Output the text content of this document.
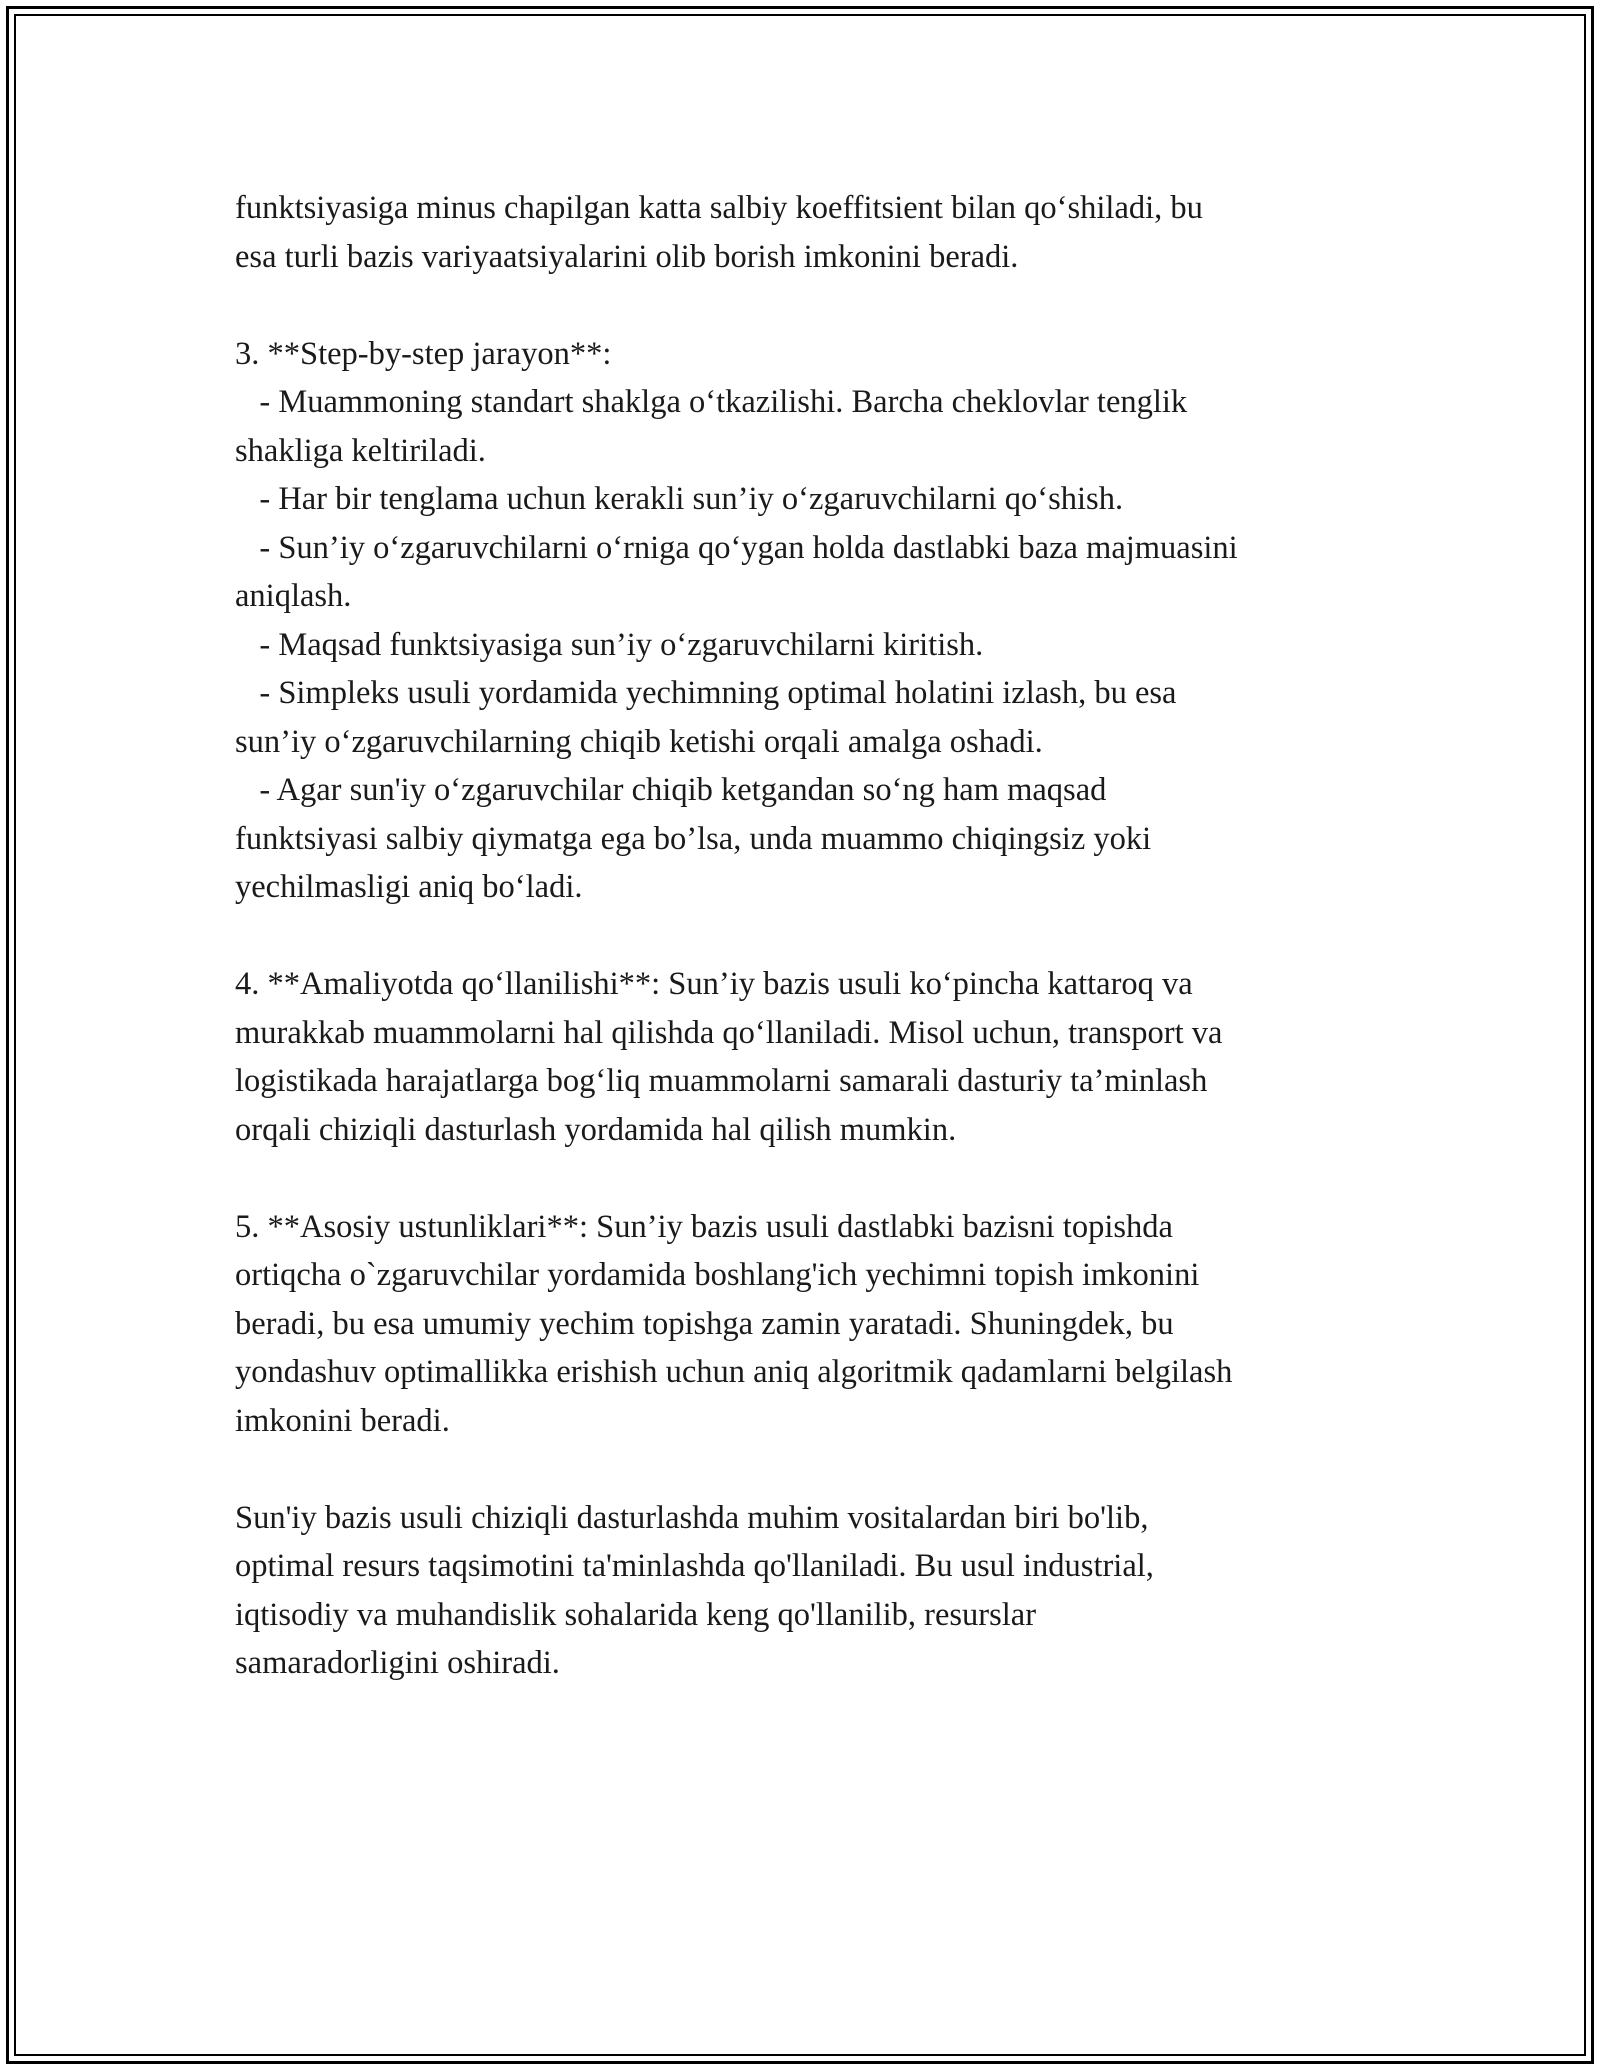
funktsiyasiga minus chapilgan katta salbiy koeffitsient bilan qo‘shiladi, bu
esa turli bazis variyaatsiyalarini olib borish imkonini beradi.

3. **Step-by-step jarayon**:
- Muammoning standart shaklga o‘tkazilishi. Barcha cheklovlar tenglik
shakliga keltiriladi.
- Har bir tenglama uchun kerakli sun’iy o‘zgaruvchilarni qo‘shish.
- Sun’iy o‘zgaruvchilarni o‘rniga qo‘ygan holda dastlabki baza majmuasini
aniqlash.
- Maqsad funktsiyasiga sun’iy o‘zgaruvchilarni kiritish.
- Simpleks usuli yordamida yechimning optimal holatini izlash, bu esa
sun’iy o‘zgaruvchilarning chiqib ketishi orqali amalga oshadi.
- Agar sun'iy o‘zgaruvchilar chiqib ketgandan so‘ng ham maqsad
funktsiyasi salbiy qiymatga ega bo’lsa, unda muammo chiqingsiz yoki
yechilmasligi aniq bo‘ladi.

4. **Amaliyotda qo‘llanilishi**: Sun’iy bazis usuli ko‘pincha kattaroq va
murakkab muammolarni hal qilishda qo‘llaniladi. Misol uchun, transport va
logistikada harajatlarga bog‘liq muammolarni samarali dasturiy ta’minlash
orqali chiziqli dasturlash yordamida hal qilish mumkin.

5. **Asosiy ustunliklari**: Sun’iy bazis usuli dastlabki bazisni topishda
ortiqcha o`zgaruvchilar yordamida boshlang'ich yechimni topish imkonini
beradi, bu esa umumiy yechim topishga zamin yaratadi. Shuningdek, bu
yondashuv optimallikka erishish uchun aniq algoritmik qadamlarni belgilash
imkonini beradi.

Sun'iy bazis usuli chiziqli dasturlashda muhim vositalardan biri bo'lib,
optimal resurs taqsimotini ta'minlashda qo'llaniladi. Bu usul industrial,
iqtisodiy va muhandislik sohalarida keng qo'llanilib, resurslar
samaradorligini oshiradi.
